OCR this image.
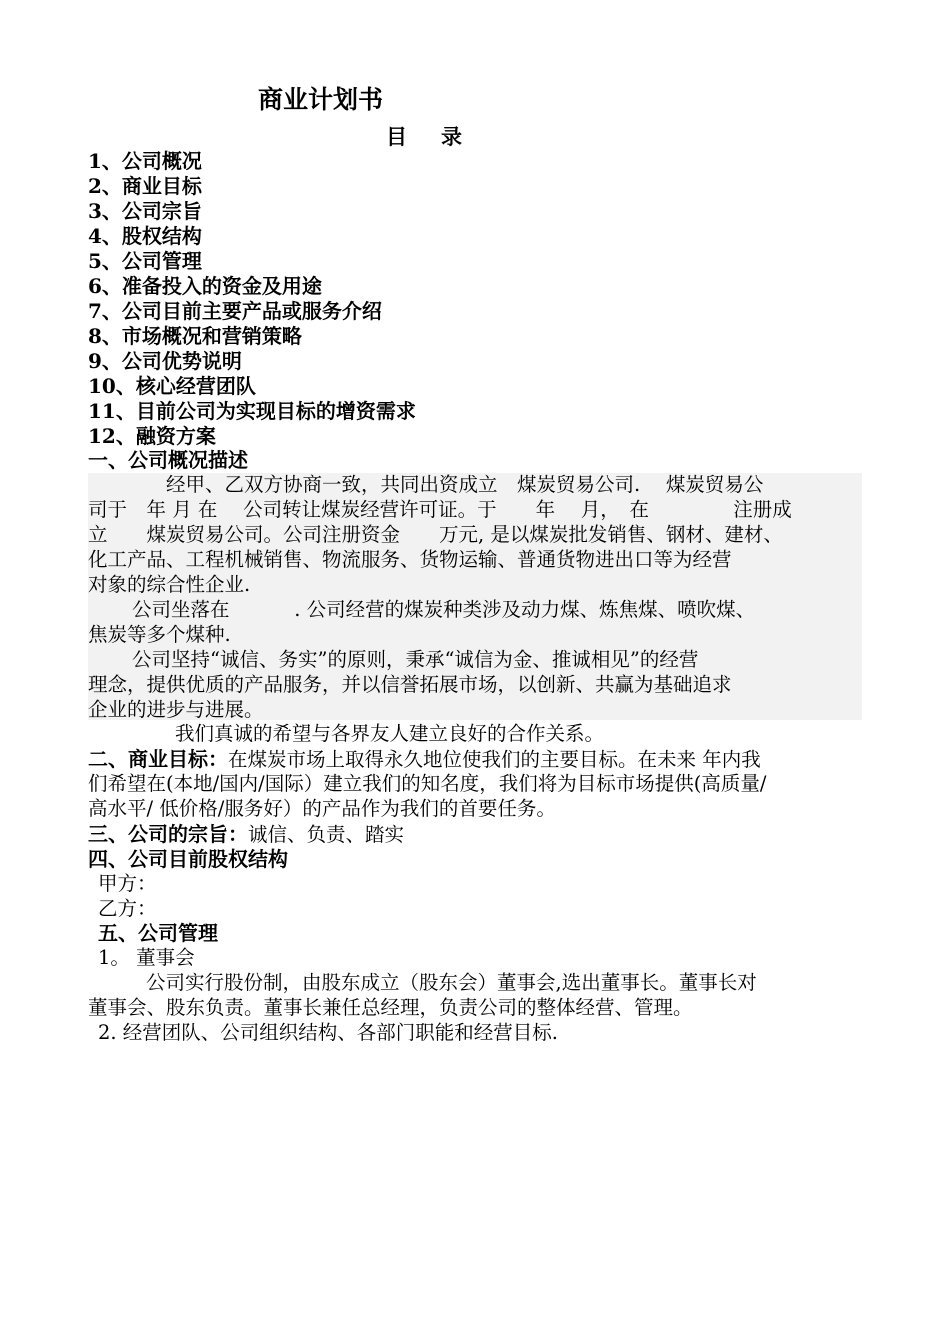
商业计划书
目 录
1、公司概况
2、商业目标
3、公司宗旨
4、股权结构
5、公司管理
6、准备投入的资金及用途
7、公司目前主要产品或服务介绍
8、市场概况和营销策略
9、公司优势说明
10、核心经营团队
11、目前公司为实现目标的增资需求
12、融资方案
一、公司概况描述
经甲、乙双方协商一致，共同出资成立　煤炭贸易公司.　 煤炭贸易公
司于　年 月 在　 公司转让煤炭经营许可证。于　　年　 月，　在　　　　 注册成
立　　煤炭贸易公司。公司注册资金　　万元, 是以煤炭批发销售、钢材、建材、
化工产品、工程机械销售、物流服务、货物运输、普通货物进出口等为经营
对象的综合性企业.
公司坐落在　　　 . 公司经营的煤炭种类涉及动力煤、炼焦煤、喷吹煤、
焦炭等多个煤种.
公司坚持“诚信、务实”的原则，秉承“诚信为金、推诚相见”的经营
理念，提供优质的产品服务，并以信誉拓展市场，以创新、共赢为基础追求
企业的进步与进展。
我们真诚的希望与各界友人建立良好的合作关系。
二、商业目标：在煤炭市场上取得永久地位使我们的主要目标。在未来 年内我
们希望在(本地/国内/国际）建立我们的知名度，我们将为目标市场提供(高质量/
高水平/ 低价格/服务好）的产品作为我们的首要任务。
三、公司的宗旨：诚信、负责、踏实
四、公司目前股权结构
甲方：
乙方：
五、公司管理
1。 董事会
公司实行股份制，由股东成立（股东会）董事会,选出董事长。董事长对
董事会、股东负责。董事长兼任总经理，负责公司的整体经营、管理。
2. 经营团队、公司组织结构、各部门职能和经营目标.
